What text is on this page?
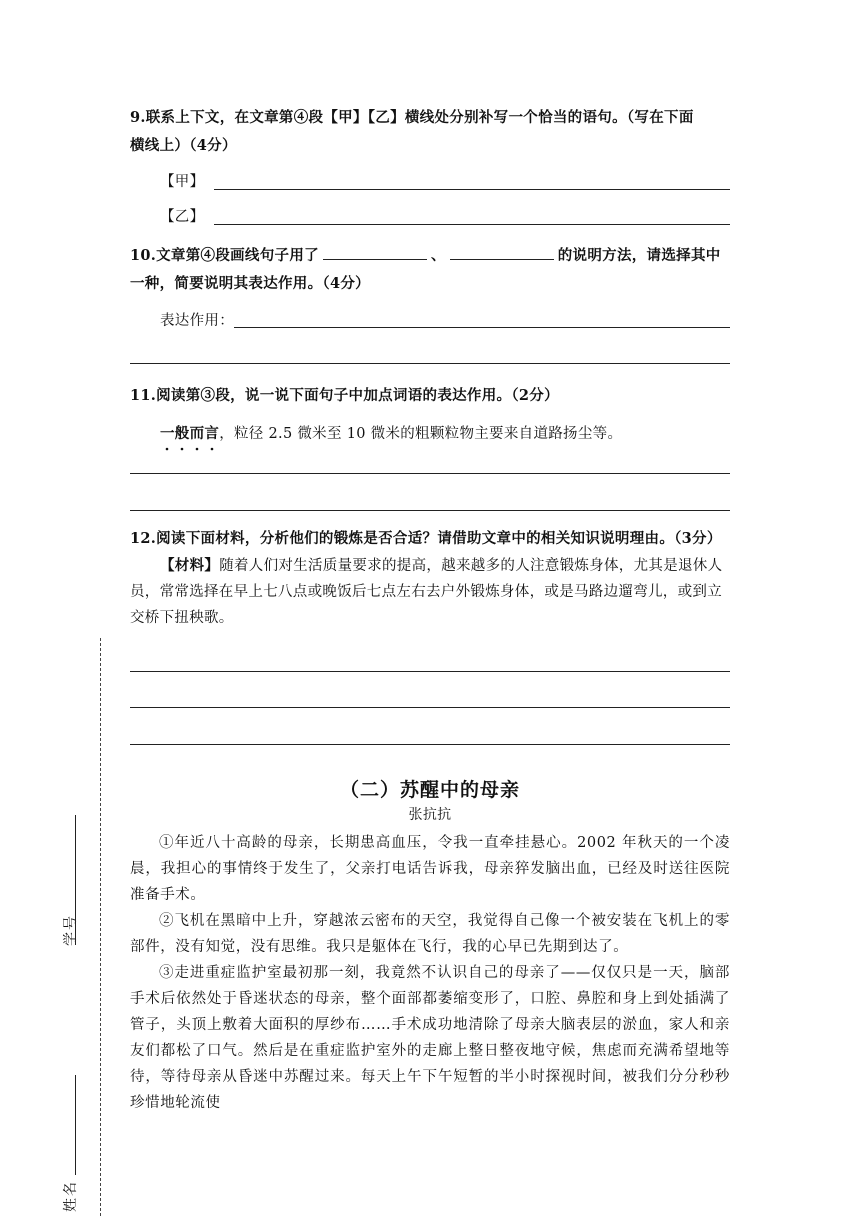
9.联系上下文，在文章第④段【甲】【乙】横线处分别补写一个恰当的语句。（写在下面
横线上）（4分）
【甲】
【乙】
10.文章第④段画线句子用了	、	的说明方法，请选择其中
一种，简要说明其表达作用。（4分）
表达作用：
11.阅读第③段，说一说下面句子中加点词语的表达作用。（2分）
一般而言
，粒径 2.5 微米至 10 微米的粗颗粒物主要来自道路扬尘等。
12.阅读下面材料，分析他们的锻炼是否合适？请借助文章中的相关知识说明理由。（3分）
【材料】随着人们对生活质量要求的提高，越来越多的人注意锻炼身体，尤其是退休人
员，常常选择在早上七八点或晚饭后七点左右去户外锻炼身体，或是马路边遛弯儿，或到立
交桥下扭秧歌。
（二）苏醒中的母亲
张抗抗

①年近八十高龄的母亲，长期患高血压，令我一直牵挂悬心。2002 年秋天的一个凌晨，我担心的事情终于发生了，父亲打电话告诉我，母亲猝发脑出血，已经及时送往医院准备手术。

②飞机在黑暗中上升，穿越浓云密布的天空，我觉得自己像一个被安装在飞机上的零部件，没有知觉，没有思维。我只是躯体在飞行，我的心早已先期到达了。

③走进重症监护室最初那一刻，我竟然不认识自己的母亲了——仅仅只是一天，脑部手术后依然处于昏迷状态的母亲，整个面部都萎缩变形了，口腔、鼻腔和身上到处插满了管子，头顶上敷着大面积的厚纱布……手术成功地清除了母亲大脑表层的淤血，家人和亲友们都松了口气。然后是在重症监护室外的走廊上整日整夜地守候，焦虑而充满希望地等待，等待母亲从昏迷中苏醒过来。每天上午下午短暂的半小时探视时间，被我们分分秒秒珍惜地轮流使

学号
姓名
